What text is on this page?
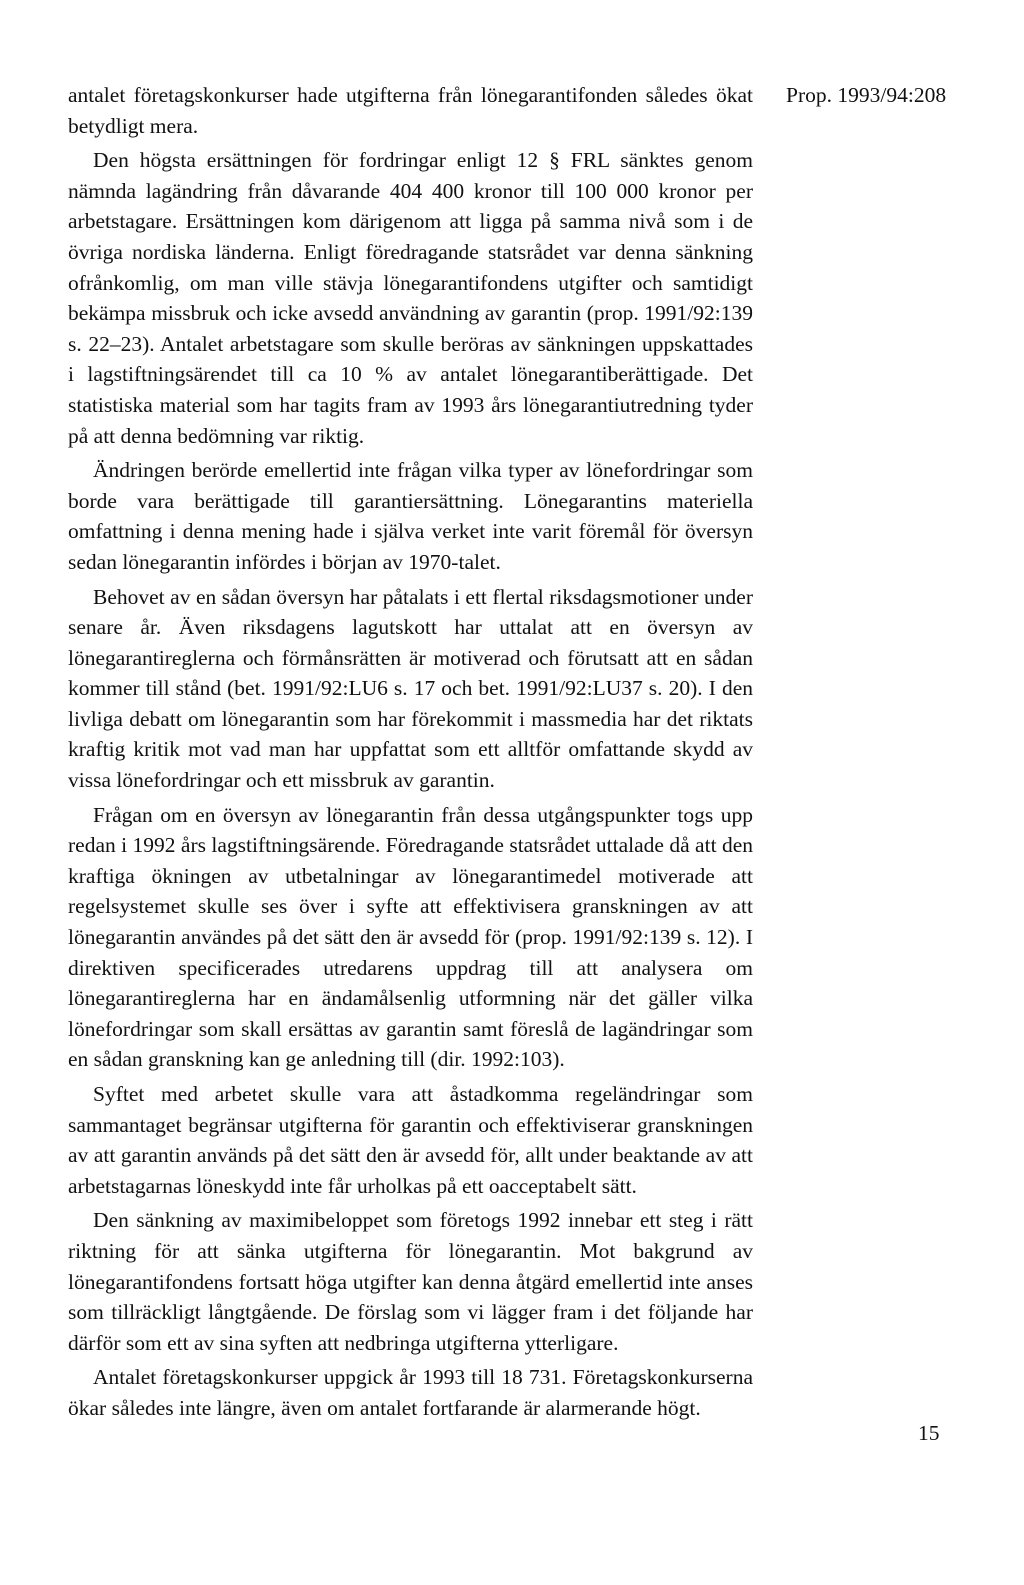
Prop. 1993/94:208

antalet företagskonkurser hade utgifterna från lönegarantifonden således ökat betydligt mera.

Den högsta ersättningen för fordringar enligt 12 § FRL sänktes genom nämnda lagändring från dåvarande 404 400 kronor till 100 000 kronor per arbetstagare. Ersättningen kom därigenom att ligga på samma nivå som i de övriga nordiska länderna. Enligt föredragande statsrådet var denna sänkning ofrånkomlig, om man ville stävja lönegarantifondens utgifter och samtidigt bekämpa missbruk och icke avsedd användning av garantin (prop. 1991/92:139 s. 22–23). Antalet arbetstagare som skulle beröras av sänkningen uppskattades i lagstiftningsärendet till ca 10 % av antalet lönegarantiberättigade. Det statistiska material som har tagits fram av 1993 års lönegarantiutredning tyder på att denna bedömning var riktig.

Ändringen berörde emellertid inte frågan vilka typer av lönefordringar som borde vara berättigade till garantiersättning. Lönegarantins materiella omfattning i denna mening hade i själva verket inte varit föremål för översyn sedan lönegarantin infördes i början av 1970-talet.

Behovet av en sådan översyn har påtalats i ett flertal riksdagsmotioner under senare år. Även riksdagens lagutskott har uttalat att en översyn av lönegarantireglerna och förmånsrätten är motiverad och förutsatt att en sådan kommer till stånd (bet. 1991/92:LU6 s. 17 och bet. 1991/92:LU37 s. 20). I den livliga debatt om lönegarantin som har förekommit i massmedia har det riktats kraftig kritik mot vad man har uppfattat som ett alltför omfattande skydd av vissa lönefordringar och ett missbruk av garantin.

Frågan om en översyn av lönegarantin från dessa utgångspunkter togs upp redan i 1992 års lagstiftningsärende. Föredragande statsrådet uttalade då att den kraftiga ökningen av utbetalningar av lönegarantimedel motiverade att regelsystemet skulle ses över i syfte att effektivisera granskningen av att lönegarantin användes på det sätt den är avsedd för (prop. 1991/92:139 s. 12). I direktiven specificerades utredarens uppdrag till att analysera om lönegarantireglerna har en ändamålsenlig utformning när det gäller vilka lönefordringar som skall ersättas av garantin samt föreslå de lagändringar som en sådan granskning kan ge anledning till (dir. 1992:103).

Syftet med arbetet skulle vara att åstadkomma regeländringar som sammantaget begränsar utgifterna för garantin och effektiviserar granskningen av att garantin används på det sätt den är avsedd för, allt under beaktande av att arbetstagarnas löneskydd inte får urholkas på ett oacceptabelt sätt.

Den sänkning av maximibeloppet som företogs 1992 innebar ett steg i rätt riktning för att sänka utgifterna för lönegarantin. Mot bakgrund av lönegarantifondens fortsatt höga utgifter kan denna åtgärd emellertid inte anses som tillräckligt långtgående. De förslag som vi lägger fram i det följande har därför som ett av sina syften att nedbringa utgifterna ytterligare.

Antalet företagskonkurser uppgick år 1993 till 18 731. Företagskonkurserna ökar således inte längre, även om antalet fortfarande är alarmerande högt.

15
